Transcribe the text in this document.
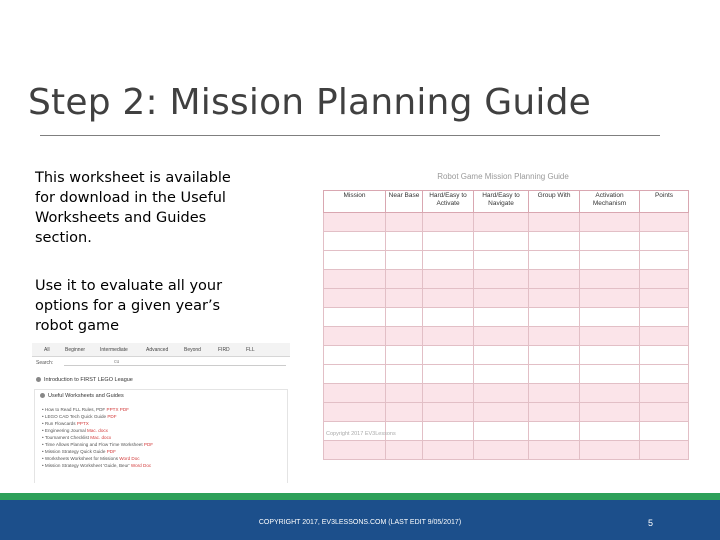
Step 2: Mission Planning Guide

This worksheet is available for download in the Useful Worksheets and Guides section.

Use it to evaluate all your options for a given year’s robot game

Robot Game Mission Planning Guide
Mission	Near Base	Hard/Easy to Activate	Hard/Easy to Navigate	Group With	Activation Mechanism	Points

Copyright 2017 EV3Lessons
All	Beginner	Intermediate	Advanced	Beyond	FIRD	FLL
Search:	cu
Introduction to FIRST LEGO League
Useful Worksheets and Guides
• How to Read FLL Rules, PDF PPTX PDF
• LEGO CAD Tech Quick Guide PDF
• Run Flowcards PPTX
• Engineering Journal Mac. docx
• Tournament Checklist Mac. docx
• Time Allows Planning and Flow Time Worksheet PDF
• Mission Strategy Quick Guide PDF
• Worksheets Worksheet for Missions Word Doc
• Mission Strategy Worksheet 'Guide, Beur' Word Doc
COPYRIGHT 2017, EV3LESSONS.COM (LAST EDIT 9/05/2017)	5
